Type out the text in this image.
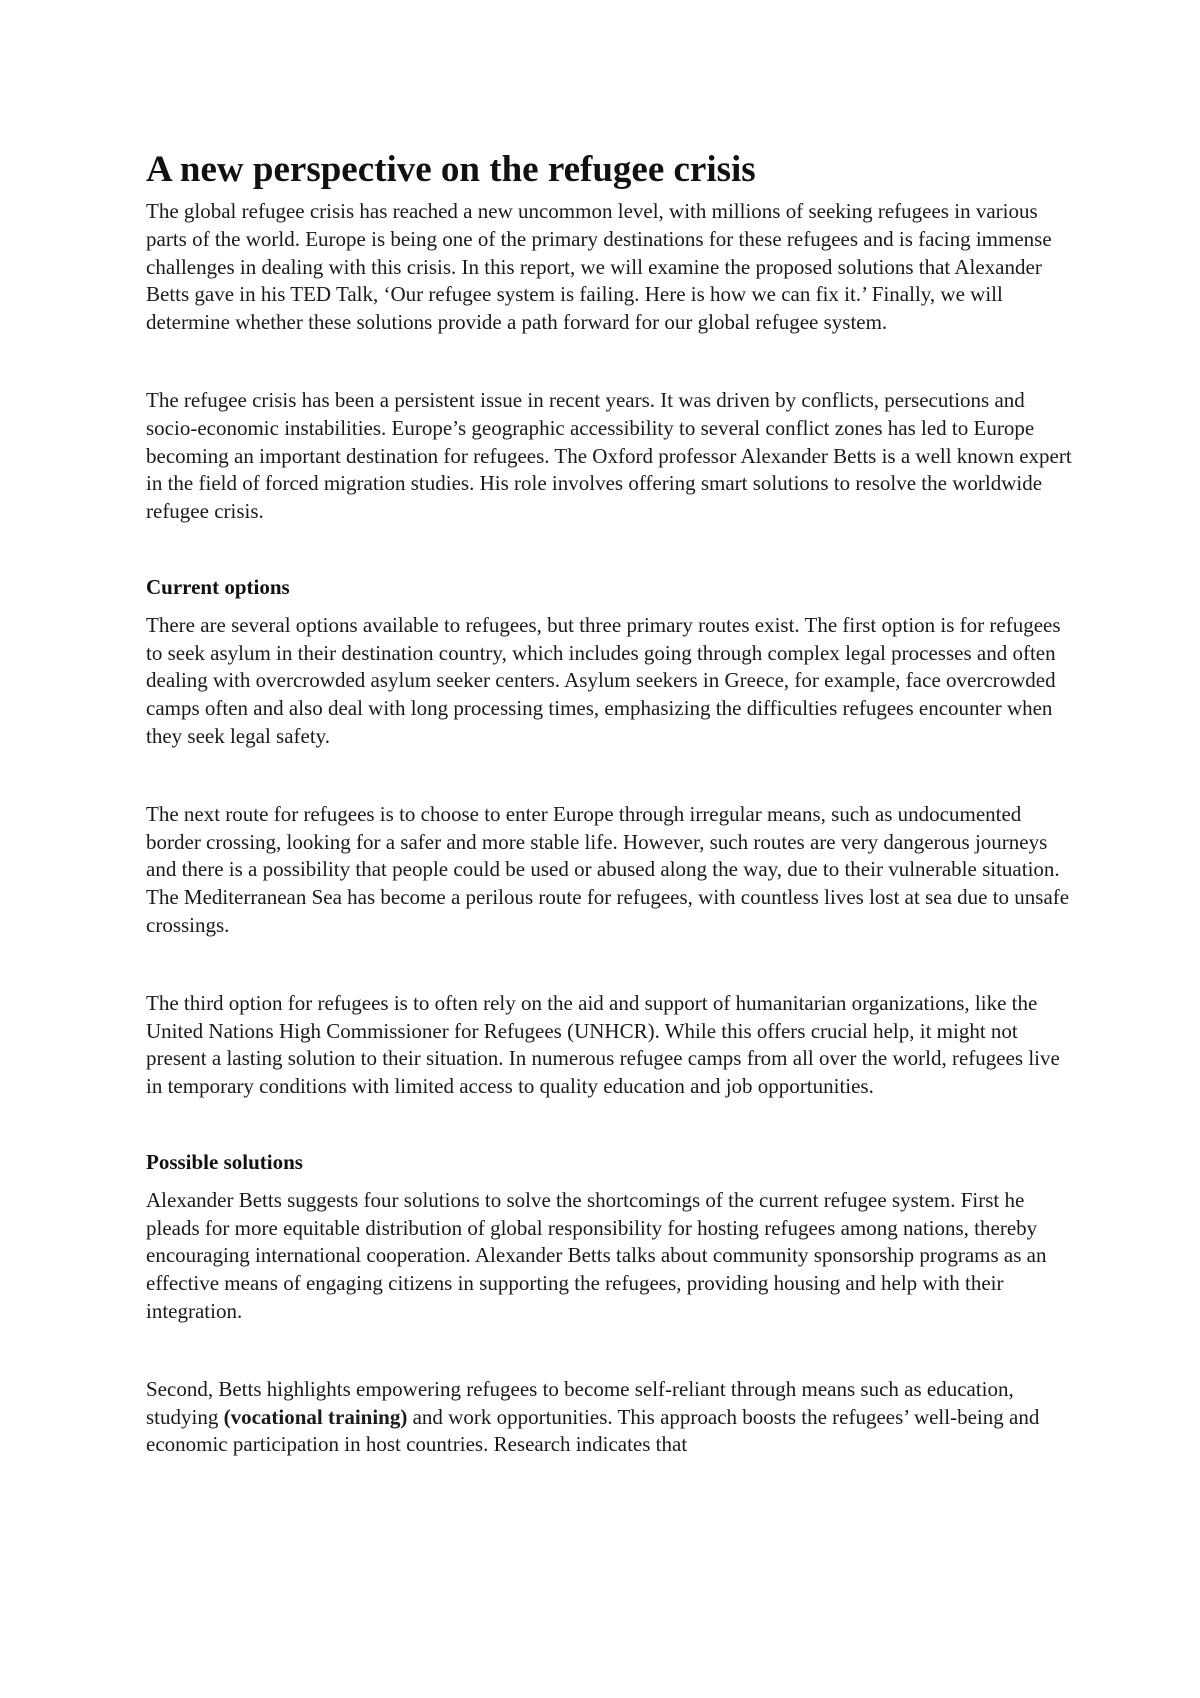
A new perspective on the refugee crisis

The global refugee crisis has reached a new uncommon level, with millions of seeking refugees in various parts of the world. Europe is being one of the primary destinations for these refugees and is facing immense challenges in dealing with this crisis. In this report, we will examine the proposed solutions that Alexander Betts gave in his TED Talk, ‘Our refugee system is failing. Here is how we can fix it.’ Finally, we will determine whether these solutions provide a path forward for our global refugee system.

The refugee crisis has been a persistent issue in recent years. It was driven by conflicts, persecutions and socio-economic instabilities. Europe’s geographic accessibility to several conflict zones has led to Europe becoming an important destination for refugees. The Oxford professor Alexander Betts is a well known expert in the field of forced migration studies. His role involves offering smart solutions to resolve the worldwide refugee crisis.

Current options

There are several options available to refugees, but three primary routes exist. The first option is for refugees to seek asylum in their destination country, which includes going through complex legal processes and often dealing with overcrowded asylum seeker centers. Asylum seekers in Greece, for example, face overcrowded camps often and also deal with long processing times, emphasizing the difficulties refugees encounter when they seek legal safety.

The next route for refugees is to choose to enter Europe through irregular means, such as undocumented border crossing, looking for a safer and more stable life. However, such routes are very dangerous journeys and there is a possibility that people could be used or abused along the way, due to their vulnerable situation. The Mediterranean Sea has become a perilous route for refugees, with countless lives lost at sea due to unsafe crossings.

The third option for refugees is to often rely on the aid and support of humanitarian organizations, like the United Nations High Commissioner for Refugees (UNHCR). While this offers crucial help, it might not present a lasting solution to their situation. In numerous refugee camps from all over the world, refugees live in temporary conditions with limited access to quality education and job opportunities.

Possible solutions

Alexander Betts suggests four solutions to solve the shortcomings of the current refugee system. First he pleads for more equitable distribution of global responsibility for hosting refugees among nations, thereby encouraging international cooperation. Alexander Betts talks about community sponsorship programs as an effective means of engaging citizens in supporting the refugees, providing housing and help with their integration.

Second, Betts highlights empowering refugees to become self-reliant through means such as education, studying (vocational training) and work opportunities. This approach boosts the refugees’ well-being and economic participation in host countries. Research indicates that
